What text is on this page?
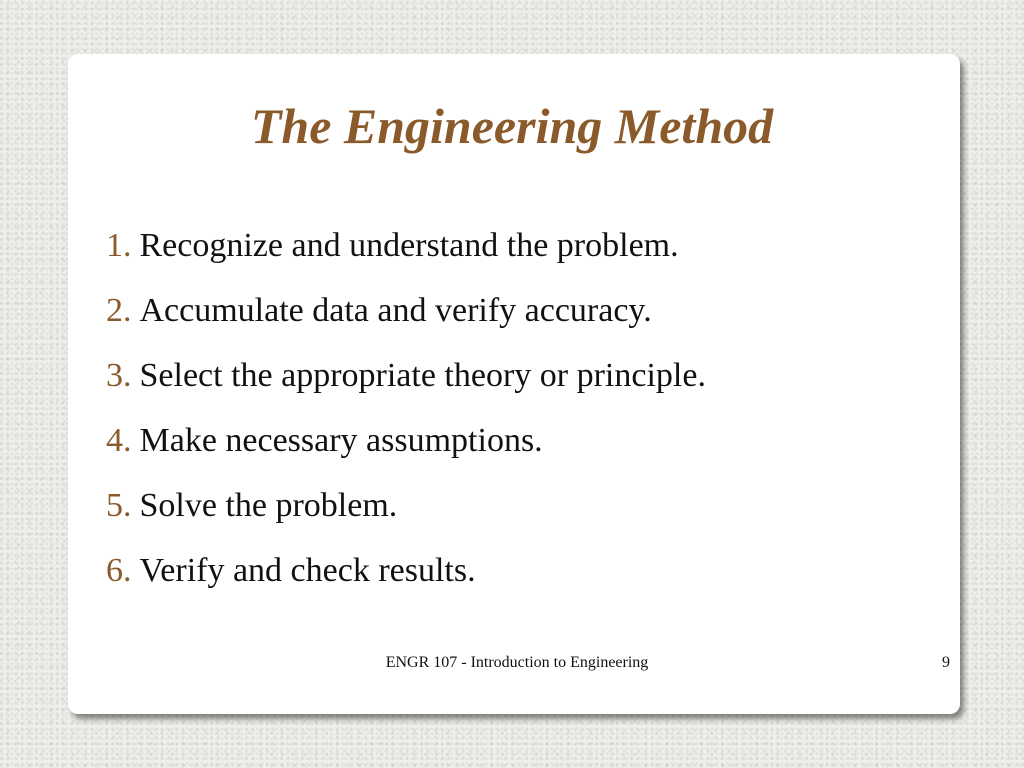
The Engineering Method
1. Recognize and understand the problem.
2. Accumulate data and verify accuracy.
3. Select the appropriate theory or principle.
4. Make necessary assumptions.
5. Solve the problem.
6. Verify and check results.
ENGR 107 - Introduction to Engineering	9
